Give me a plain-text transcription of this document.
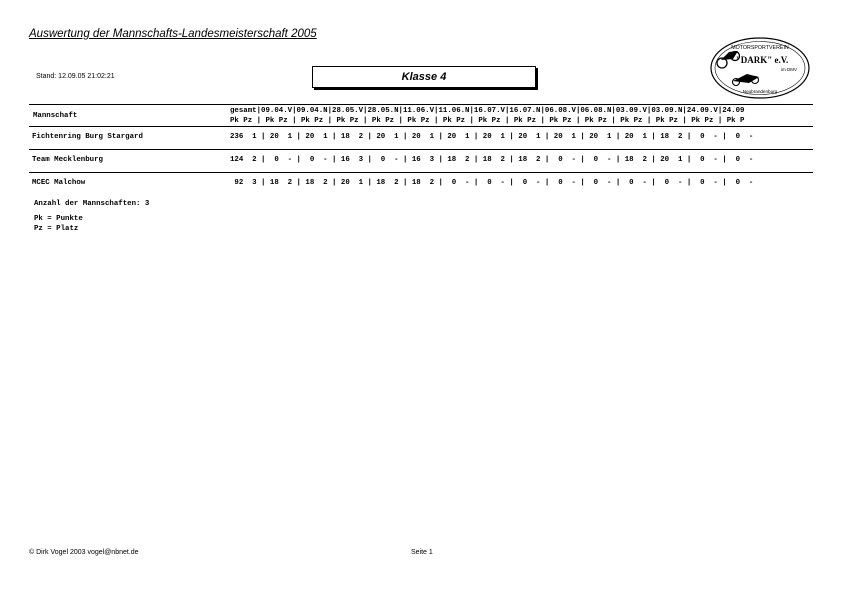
Auswertung der Mannschafts-Landesmeisterschaft 2005
Stand: 12.09.05 21:02:21	Klasse 4
MOTORSPORTVEREIN
"DARK" e.V.
im DMV
Neubrandenburg
Mannschaft
gesamt|09.04.V|09.04.N|28.05.V|28.05.N|11.06.V|11.06.N|16.07.V|16.07.N|06.08.V|06.08.N|03.09.V|03.09.N|24.09.V|24.09
Pk Pz | Pk Pz | Pk Pz | Pk Pz | Pk Pz | Pk Pz | Pk Pz | Pk Pz | Pk Pz | Pk Pz | Pk Pz | Pk Pz | Pk Pz | Pk Pz | Pk P
Fichtenring Burg Stargard	236  1 | 20  1 | 20  1 | 18  2 | 20  1 | 20  1 | 20  1 | 20  1 | 20  1 | 20  1 | 20  1 | 20  1 | 18  2 |  0  - |  0  -
Team Mecklenburg	124  2 |  0  - |  0  - | 16  3 |  0  - | 16  3 | 18  2 | 18  2 | 18  2 |  0  - |  0  - | 18  2 | 20  1 |  0  - |  0  -
MCEC Malchow	92  3 | 18  2 | 18  2 | 20  1 | 18  2 | 18  2 |  0  - |  0  - |  0  - |  0  - |  0  - |  0  - |  0  - |  0  - |  0  -
Anzahl der Mannschaften: 3
Pk = Punkte
Pz = Platz
© Dirk Vogel 2003 vogel@nbnet.de	Seite 1
